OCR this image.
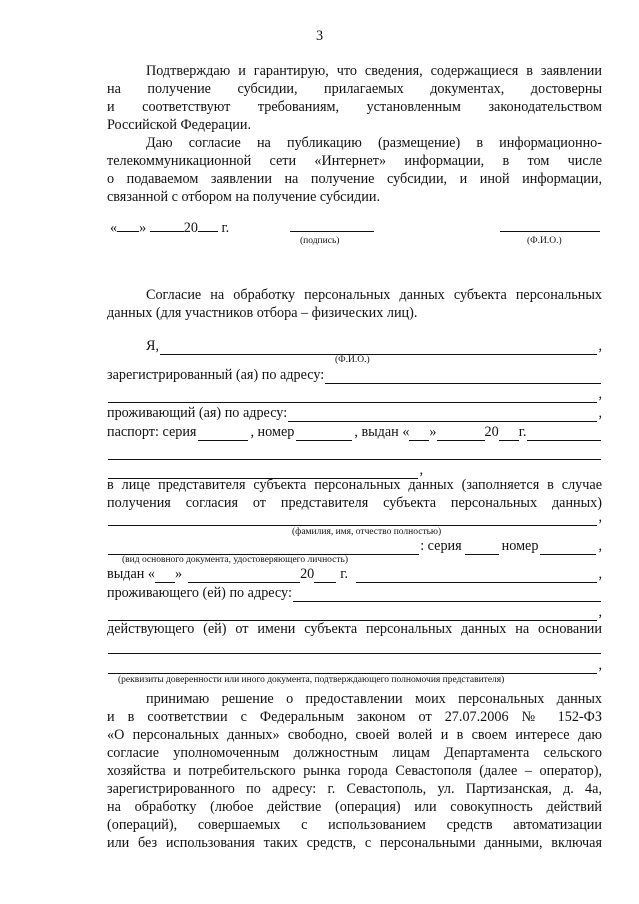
3
Подтверждаю и гарантирую, что сведения, содержащиеся в заявлении
на получение субсидии, прилагаемых документах, достоверны
и соответствуют требованиям, установленным законодательством
Российской Федерации.
Даю согласие на публикацию (размещение) в информационно-
телекоммуникационной сети «Интернет» информации, в том числе
о подаваемом заявлении на получение субсидии, и иной информации,
связанной с отбором на получение субсидии.
« »	20 г.
(подпись)	(Ф.И.О.)
Согласие на обработку персональных данных субъекта персональных
данных (для участников отбора – физических лиц).
Я,	,
(Ф.И.О.)
зарегистрированный (ая) по адресу:
,
проживающий (ая) по адресу:	,
паспорт: серия	, номер	, выдан « »	20 г.
,
в лице представителя субъекта персональных данных (заполняется в случае
получения согласия от представителя субъекта персональных данных)
,
(фамилия, имя, отчество полностью)
: серия	номер	,
(вид основного документа, удостоверяющего личность)
выдан « »	20 г.	,
проживающего (ей) по адресу:
,
действующего (ей) от имени субъекта персональных данных на основании
,
(реквизиты доверенности или иного документа, подтверждающего полномочия представителя)
принимаю решение о предоставлении моих персональных данных
и в соответствии с Федеральным законом от 27.07.2006 № 152-ФЗ
«О персональных данных» свободно, своей волей и в своем интересе даю
согласие уполномоченным должностным лицам Департамента сельского
хозяйства и потребительского рынка города Севастополя (далее – оператор),
зарегистрированного по адресу: г. Севастополь, ул. Партизанская, д. 4а,
на обработку (любое действие (операция) или совокупность действий
(операций), совершаемых с использованием средств автоматизации
или без использования таких средств, с персональными данными, включая
